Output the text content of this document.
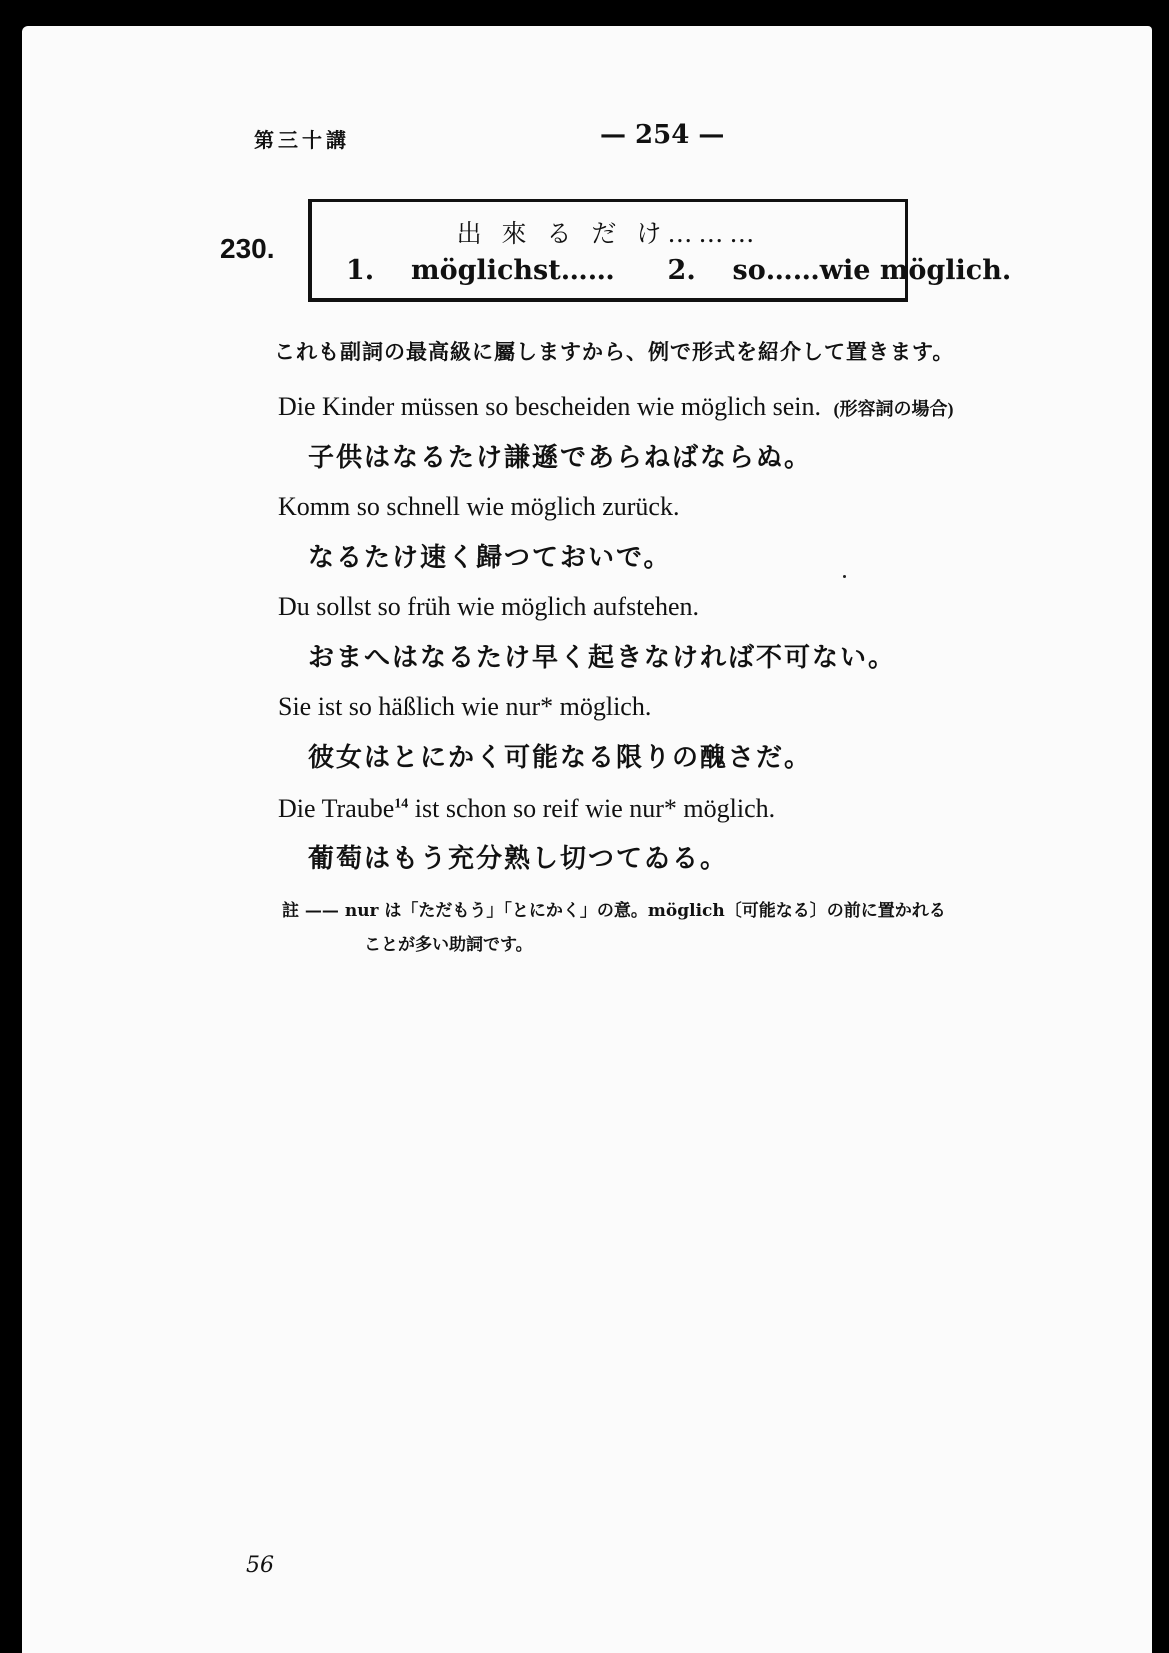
第三十講	— 254 —
230.	出 來 る だ け………
1. möglichst…… 2. so……wie möglich.
これも副詞の最高級に屬しますから、例で形式を紹介して置きます。
Die Kinder müssen so bescheiden wie möglich sein. (形容詞の場合)
子供はなるたけ謙遜であらねばならぬ。
Komm so schnell wie möglich zurück.
なるたけ速く歸つておいで。
Du sollst so früh wie möglich aufstehen.
おまへはなるたけ早く起きなければ不可ない。
Sie ist so häßlich wie nur* möglich.
彼女はとにかく可能なる限りの醜さだ。
Die Traube$^{14}$ ist schon so reif wie nur* möglich.
葡萄はもう充分熟し切つてゐる。
註 —— nur は「ただもう」「とにかく」の意。möglich〔可能なる〕の前に置かれる
ことが多い助詞です。
56
